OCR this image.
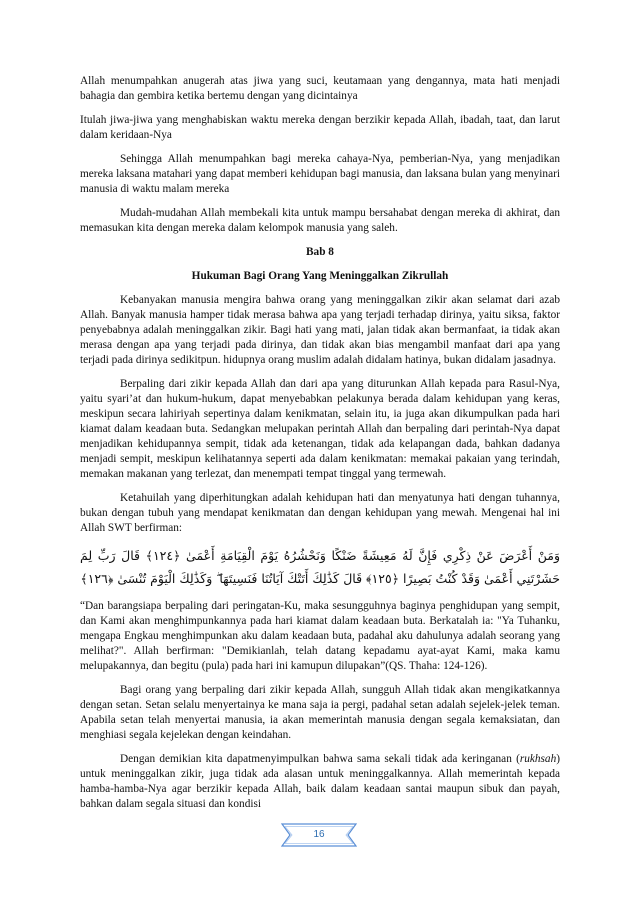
Allah menumpahkan anugerah atas jiwa yang suci, keutamaan yang dengannya, mata hati menjadi bahagia dan gembira ketika bertemu dengan yang dicintainya

Itulah jiwa-jiwa yang menghabiskan waktu mereka dengan berzikir kepada Allah, ibadah, taat, dan larut dalam keridaan-Nya

Sehingga Allah menumpahkan bagi mereka cahaya-Nya, pemberian-Nya, yang menjadikan mereka laksana matahari yang dapat memberi kehidupan bagi manusia, dan laksana bulan yang menyinari manusia di waktu malam mereka

Mudah-mudahan Allah membekali kita untuk mampu bersahabat dengan mereka di akhirat, dan memasukan kita dengan mereka dalam kelompok manusia yang saleh.

Bab 8

Hukuman Bagi Orang Yang Meninggalkan Zikrullah

Kebanyakan manusia mengira bahwa orang yang meninggalkan zikir akan selamat dari azab Allah. Banyak manusia hamper tidak merasa bahwa apa yang terjadi terhadap dirinya, yaitu siksa, faktor penyebabnya adalah meninggalkan zikir. Bagi hati yang mati, jalan tidak akan bermanfaat, ia tidak akan merasa dengan apa yang terjadi pada dirinya, dan tidak akan bias mengambil manfaat dari apa yang terjadi pada dirinya sedikitpun. hidupnya orang muslim adalah didalam hatinya, bukan didalam jasadnya.

Berpaling dari zikir kepada Allah dan dari apa yang diturunkan Allah kepada para Rasul-Nya, yaitu syari’at dan hukum-hukum, dapat menyebabkan pelakunya berada dalam kehidupan yang keras, meskipun secara lahiriyah sepertinya dalam kenikmatan, selain itu, ia juga akan dikumpulkan pada hari kiamat dalam keadaan buta. Sedangkan melupakan perintah Allah dan berpaling dari perintah-Nya dapat menjadikan kehidupannya sempit, tidak ada ketenangan, tidak ada kelapangan dada, bahkan dadanya menjadi sempit, meskipun kelihatannya seperti ada dalam kenikmatan: memakai pakaian yang terindah, memakan makanan yang terlezat, dan menempati tempat tinggal yang termewah.

Ketahuilah yang diperhitungkan adalah kehidupan hati dan menyatunya hati dengan tuhannya, bukan dengan tubuh yang mendapat kenikmatan dan dengan kehidupan yang mewah. Mengenai hal ini Allah SWT berfirman:

وَمَنْ أَعْرَضَ عَنْ ذِكْرِي فَإِنَّ لَهُ مَعِيشَةً ضَنْكًا وَنَحْشُرُهُ يَوْمَ الْقِيَامَةِ أَعْمَىٰ ﴿١٢٤﴾ قَالَ رَبِّ لِمَ حَشَرْتَنِي أَعْمَىٰ وَقَدْ كُنْتُ بَصِيرًا ﴿١٢٥﴾ قَالَ كَذَٰلِكَ أَتَتْكَ آيَاتُنَا فَنَسِيتَهَا ۖ وَكَذَٰلِكَ الْيَوْمَ تُنْسَىٰ ﴿١٢٦﴾

“Dan barangsiapa berpaling dari peringatan-Ku, maka sesungguhnya baginya penghidupan yang sempit, dan Kami akan menghimpunkannya pada hari kiamat dalam keadaan buta. Berkatalah ia: "Ya Tuhanku, mengapa Engkau menghimpunkan aku dalam keadaan buta, padahal aku dahulunya adalah seorang yang melihat?". Allah berfirman: "Demikianlah, telah datang kepadamu ayat-ayat Kami, maka kamu melupakannya, dan begitu (pula) pada hari ini kamupun dilupakan”(QS. Thaha: 124-126).

Bagi orang yang berpaling dari zikir kepada Allah, sungguh Allah tidak akan mengikatkannya dengan setan. Setan selalu menyertainya ke mana saja ia pergi, padahal setan adalah sejelek-jelek teman. Apabila setan telah menyertai manusia, ia akan memerintah manusia dengan segala kemaksiatan, dan menghiasi segala kejelekan dengan keindahan.

Dengan demikian kita dapatmenyimpulkan bahwa sama sekali tidak ada keringanan (rukhsah) untuk meninggalkan zikir, juga tidak ada alasan untuk meninggalkannya. Allah memerintah kepada hamba-hamba-Nya agar berzikir kepada Allah, baik dalam keadaan santai maupun sibuk dan payah, bahkan dalam segala situasi dan kondisi

16
